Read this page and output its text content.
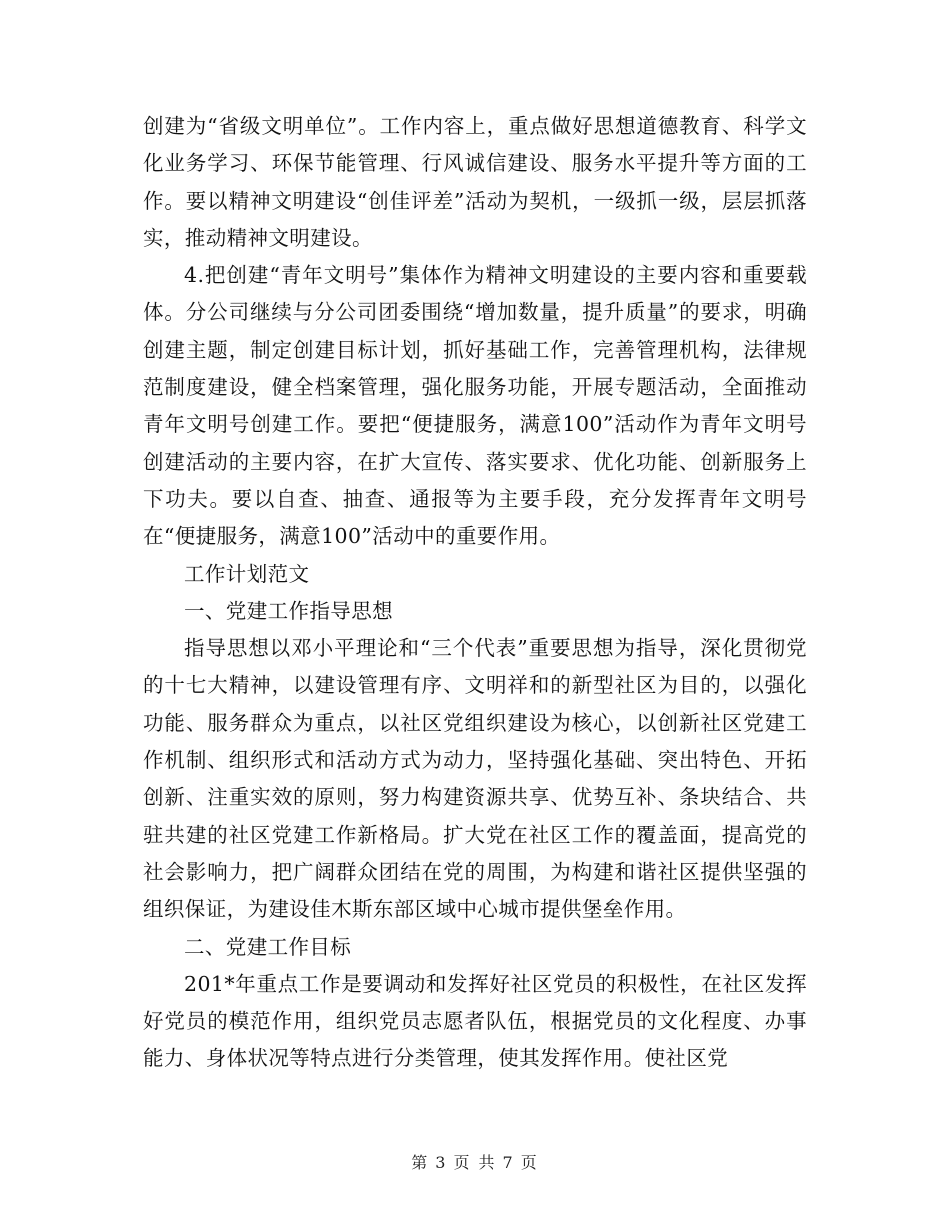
创建为“省级文明单位”。工作内容上，重点做好思想道德教育、科学文化业务学习、环保节能管理、行风诚信建设、服务水平提升等方面的工作。要以精神文明建设“创佳评差”活动为契机，一级抓一级，层层抓落实，推动精神文明建设。

4.把创建“青年文明号”集体作为精神文明建设的主要内容和重要载体。分公司继续与分公司团委围绕“增加数量，提升质量”的要求，明确创建主题，制定创建目标计划，抓好基础工作，完善管理机构，法律规范制度建设，健全档案管理，强化服务功能，开展专题活动，全面推动青年文明号创建工作。要把“便捷服务，满意100”活动作为青年文明号创建活动的主要内容，在扩大宣传、落实要求、优化功能、创新服务上下功夫。要以自查、抽查、通报等为主要手段，充分发挥青年文明号在“便捷服务，满意100”活动中的重要作用。

工作计划范文

一、党建工作指导思想

指导思想以邓小平理论和“三个代表”重要思想为指导，深化贯彻党的十七大精神，以建设管理有序、文明祥和的新型社区为目的，以强化功能、服务群众为重点，以社区党组织建设为核心，以创新社区党建工作机制、组织形式和活动方式为动力，坚持强化基础、突出特色、开拓创新、注重实效的原则，努力构建资源共享、优势互补、条块结合、共驻共建的社区党建工作新格局。扩大党在社区工作的覆盖面，提高党的社会影响力，把广阔群众团结在党的周围，为构建和谐社区提供坚强的组织保证，为建设佳木斯东部区域中心城市提供堡垒作用。

二、党建工作目标

201*年重点工作是要调动和发挥好社区党员的积极性，在社区发挥好党员的模范作用，组织党员志愿者队伍，根据党员的文化程度、办事能力、身体状况等特点进行分类管理，使其发挥作用。使社区党

第 3 页 共 7 页
